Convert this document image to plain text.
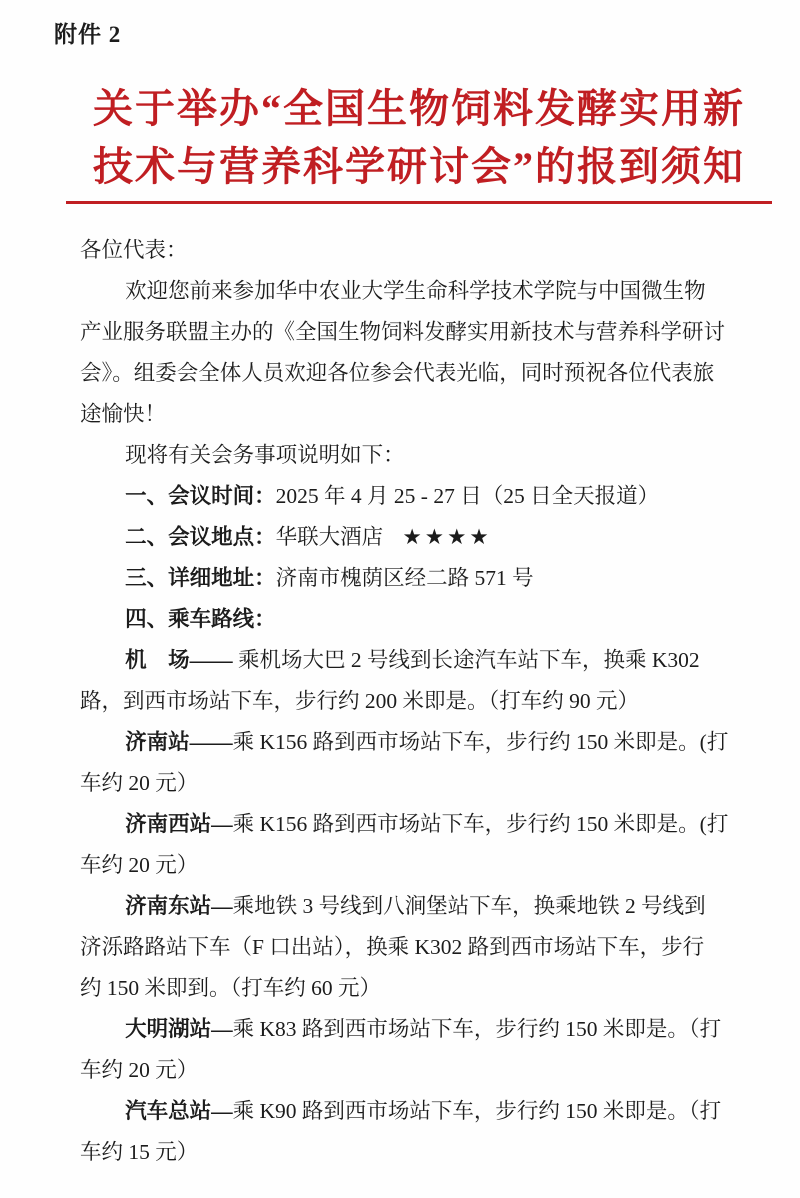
附件 2
关于举办“全国生物饲料发酵实用新
技术与营养科学研讨会”的报到须知

各位代表：

欢迎您前来参加华中农业大学生命科学技术学院与中国微生物

产业服务联盟主办的《全国生物饲料发酵实用新技术与营养科学研讨

会》。组委会全体人员欢迎各位参会代表光临，同时预祝各位代表旅

途愉快！

现将有关会务事项说明如下：

一、会议时间：2025 年 4 月 25 - 27 日（25 日全天报道）

二、会议地点：华联大酒店 ★★★★

三、详细地址：济南市槐荫区经二路 571 号

四、乘车路线：

机　场—— 乘机场大巴 2 号线到长途汽车站下车，换乘 K302

路，到西市场站下车，步行约 200 米即是。（打车约 90 元）

济南站——乘 K156 路到西市场站下车，步行约 150 米即是。(打

车约 20 元）

济南西站—乘 K156 路到西市场站下车，步行约 150 米即是。(打

车约 20 元）

济南东站—乘地铁 3 号线到八涧堡站下车，换乘地铁 2 号线到

济泺路路站下车（F 口出站），换乘 K302 路到西市场站下车，步行

约 150 米即到。（打车约 60 元）

大明湖站—乘 K83 路到西市场站下车，步行约 150 米即是。（打

车约 20 元）

汽车总站—乘 K90 路到西市场站下车，步行约 150 米即是。（打

车约 15 元）
